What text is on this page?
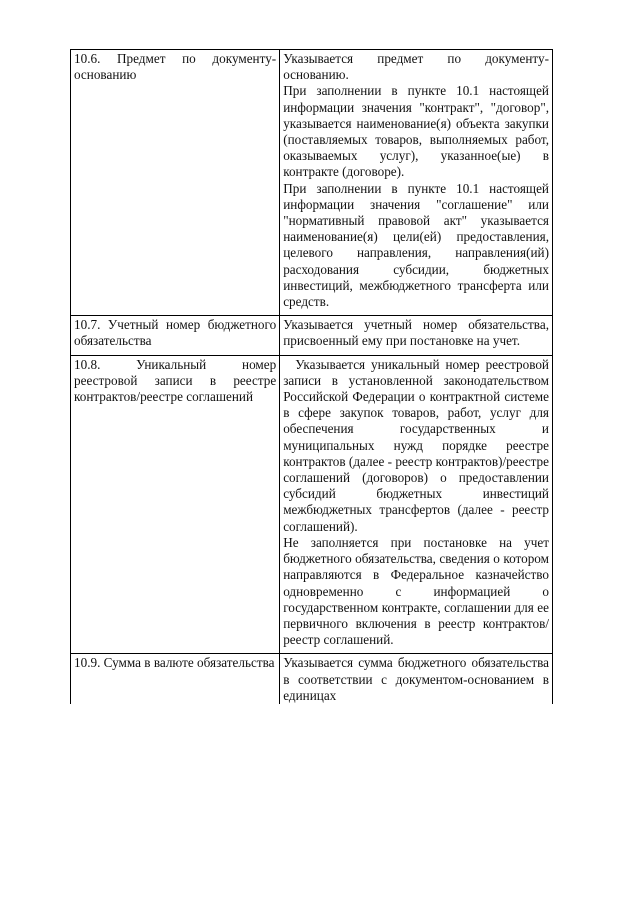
10.6. Предмет по документу-основанию	Указывается предмет по документу-основанию.
При заполнении в пункте 10.1 настоящей информации значения "контракт", "договор", указывается наименование(я) объекта закупки (поставляемых товаров, выполняемых работ, оказываемых услуг), указанное(ые) в контракте (договоре).
При заполнении в пункте 10.1 настоящей информации значения "соглашение" или "нормативный правовой акт" указывается наименование(я) цели(ей) предоставления, целевого направления, направления(ий) расходования субсидии, бюджетных инвестиций, межбюджетного трансферта или средств.

10.7. Учетный номер бюджетного обязательства	Указывается учетный номер обязательства, присвоенный ему при постановке на учет.

10.8. Уникальный номер реестровой записи в реестре контрактов/реестре соглашений	Указывается уникальный номер реестровой записи в установленной законодательством Российской Федерации о контрактной системе в сфере закупок товаров, работ, услуг для обеспечения государственных и муниципальных нужд порядке реестре контрактов (далее - реестр контрактов)/реестре соглашений (договоров) о предоставлении субсидий бюджетных инвестиций межбюджетных трансфертов (далее - реестр соглашений).
Не заполняется при постановке на учет бюджетного обязательства, сведения о котором направляются в Федеральное казначейство одновременно с информацией о государственном контракте, соглашении для ее первичного включения в реестр контрактов/реестр соглашений.

10.9. Сумма в валюте обязательства	Указывается сумма бюджетного обязательства в соответствии с документом-основанием в единицах
